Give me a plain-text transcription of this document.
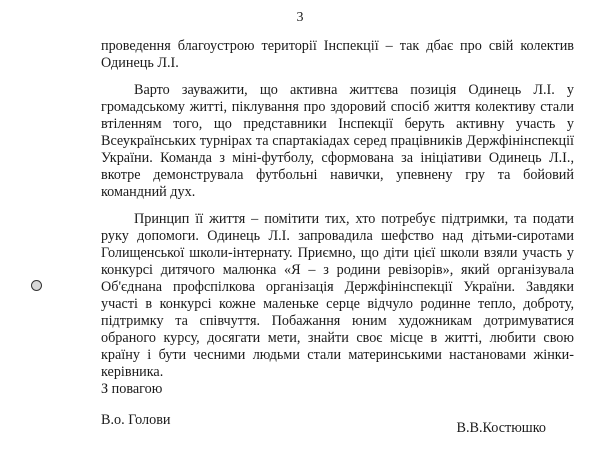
3

проведення благоустрою території Інспекції – так дбає про свій колектив Одинець Л.І.

Варто зауважити, що активна життєва позиція Одинець Л.І. у громадському житті, піклування про здоровий спосіб життя колективу стали втіленням того, що представники Інспекції беруть активну участь у Всеукраїнських турнірах та спартакіадах серед працівників Держфінінспекції України. Команда з міні-футболу, сформована за ініціативи Одинець Л.І., вкотре демонструвала футбольні навички, упевнену гру та бойовий командний дух.

Принцип її життя – помітити тих, хто потребує підтримки, та подати руку допомоги. Одинець Л.І. запровадила шефство над дітьми-сиротами Голищенської школи-інтернату. Приємно, що діти цієї школи взяли участь у конкурсі дитячого малюнка «Я – з родини ревізорів», який організувала Об'єднана профспілкова організація Держфінінспекції України. Завдяки участі в конкурсі кожне маленьке серце відчуло родинне тепло, доброту, підтримку та співчуття. Побажання юним художникам дотримуватися обраного курсу, досягати мети, знайти своє місце в житті, любити свою країну і бути чесними людьми стали материнськими настановами жінки-керівника.

З повагою
В.о. Голови	В.В.Костюшко
